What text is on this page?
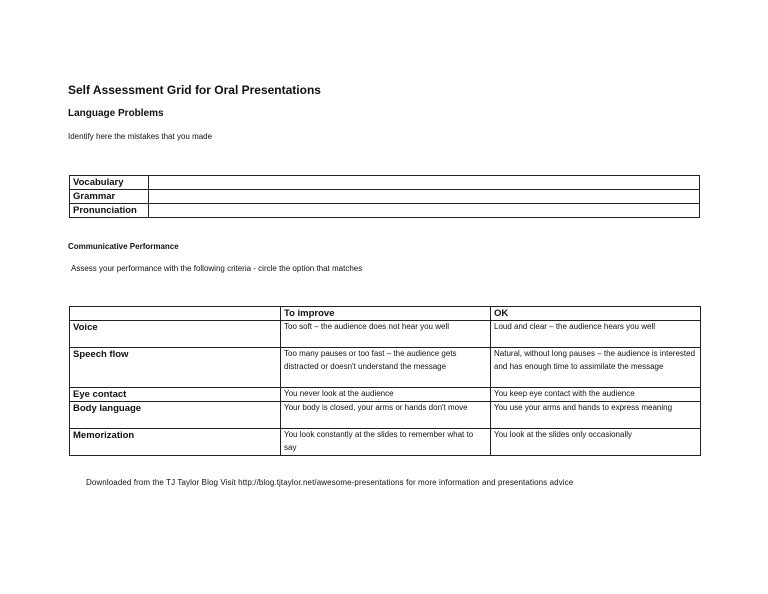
Self Assessment Grid for Oral Presentations
Language Problems
Identify here the mistakes that you made
Vocabulary	
Grammar	
Pronunciation	
Communicative Performance
Assess your performance with the following criteria - circle the option that matches
	To improve	OK
Voice	Too soft – the audience does not hear you well	Loud and clear – the audience hears you well
Speech flow	Too many pauses or too fast – the audience gets distracted or doesn't understand the message	Natural, without long pauses – the audience is interested and has enough time to assimilate the message
Eye contact	You never look at the audience	You keep eye contact with the audience
Body language	Your body is closed, your arms or hands don't move	You use your arms and hands to express meaning
Memorization	You look constantly at the slides to remember what to say	You look at the slides only occasionally
Downloaded from the TJ Taylor Blog Visit http://blog.tjtaylor.net/awesome-presentations for more information and presentations advice
